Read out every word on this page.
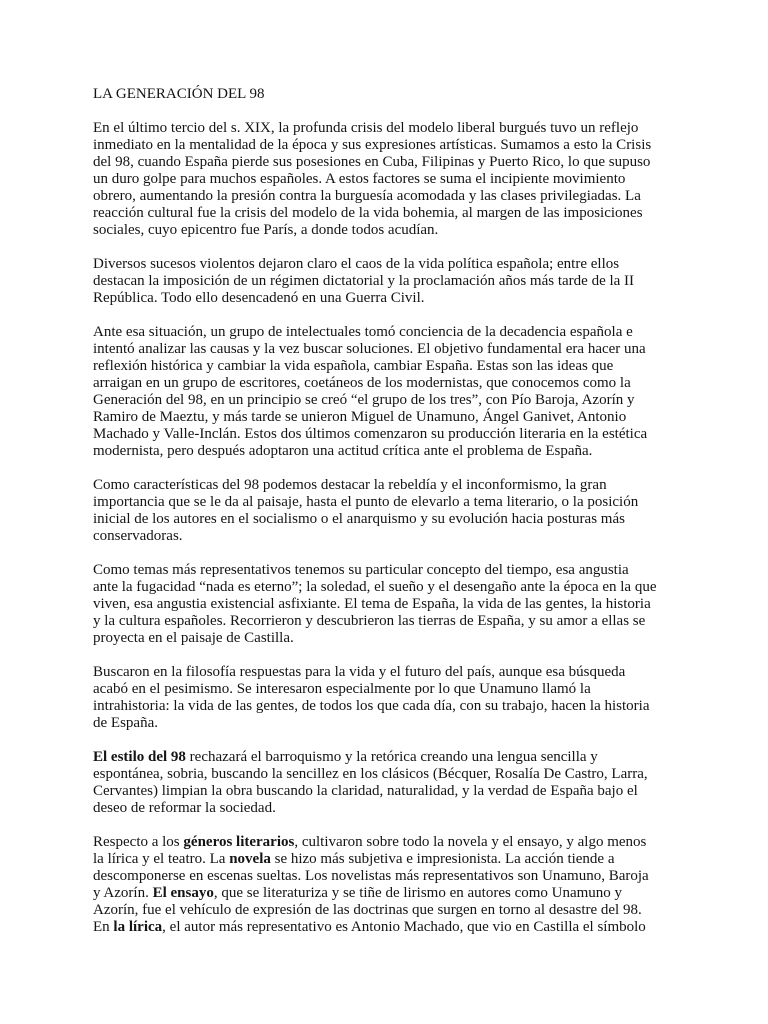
LA GENERACIÓN DEL 98

En el último tercio del s. XIX, la profunda crisis del modelo liberal burgués tuvo un reflejo
inmediato en la mentalidad de la época y sus expresiones artísticas. Sumamos a esto la Crisis
del 98, cuando España pierde sus posesiones en Cuba, Filipinas y Puerto Rico, lo que supuso
un duro golpe para muchos españoles. A estos factores se suma el incipiente movimiento
obrero, aumentando la presión contra la burguesía acomodada y las clases privilegiadas. La
reacción cultural fue la crisis del modelo de la vida bohemia, al margen de las imposiciones
sociales, cuyo epicentro fue París, a donde todos acudían.

Diversos sucesos violentos dejaron claro el caos de la vida política española; entre ellos
destacan la imposición de un régimen dictatorial y la proclamación años más tarde de la II
República. Todo ello desencadenó en una Guerra Civil.

Ante esa situación, un grupo de intelectuales tomó conciencia de la decadencia española e
intentó analizar las causas y la vez buscar soluciones. El objetivo fundamental era hacer una
reflexión histórica y cambiar la vida española, cambiar España. Estas son las ideas que
arraigan en un grupo de escritores, coetáneos de los modernistas, que conocemos como la
Generación del 98, en un principio se creó “el grupo de los tres”, con Pío Baroja, Azorín y
Ramiro de Maeztu, y más tarde se unieron Miguel de Unamuno, Ángel Ganivet, Antonio
Machado y Valle-Inclán. Estos dos últimos comenzaron su producción literaria en la estética
modernista, pero después adoptaron una actitud crítica ante el problema de España.

Como características del 98 podemos destacar la rebeldía y el inconformismo, la gran
importancia que se le da al paisaje, hasta el punto de elevarlo a tema literario, o la posición
inicial de los autores en el socialismo o el anarquismo y su evolución hacia posturas más
conservadoras.

Como temas más representativos tenemos su particular concepto del tiempo, esa angustia
ante la fugacidad “nada es eterno”; la soledad, el sueño y el desengaño ante la época en la que
viven, esa angustia existencial asfixiante. El tema de España, la vida de las gentes, la historia
y la cultura españoles. Recorrieron y descubrieron las tierras de España, y su amor a ellas se
proyecta en el paisaje de Castilla.

Buscaron en la filosofía respuestas para la vida y el futuro del país, aunque esa búsqueda
acabó en el pesimismo. Se interesaron especialmente por lo que Unamuno llamó la
intrahistoria: la vida de las gentes, de todos los que cada día, con su trabajo, hacen la historia
de España.

El estilo del 98 rechazará el barroquismo y la retórica creando una lengua sencilla y
espontánea, sobria, buscando la sencillez en los clásicos (Bécquer, Rosalía De Castro, Larra,
Cervantes) limpian la obra buscando la claridad, naturalidad, y la verdad de España bajo el
deseo de reformar la sociedad.

Respecto a los géneros literarios, cultivaron sobre todo la novela y el ensayo, y algo menos
la lírica y el teatro. La novela se hizo más subjetiva e impresionista. La acción tiende a
descomponerse en escenas sueltas. Los novelistas más representativos son Unamuno, Baroja
y Azorín. El ensayo, que se literaturiza y se tiñe de lirismo en autores como Unamuno y
Azorín, fue el vehículo de expresión de las doctrinas que surgen en torno al desastre del 98.
En la lírica, el autor más representativo es Antonio Machado, que vio en Castilla el símbolo
